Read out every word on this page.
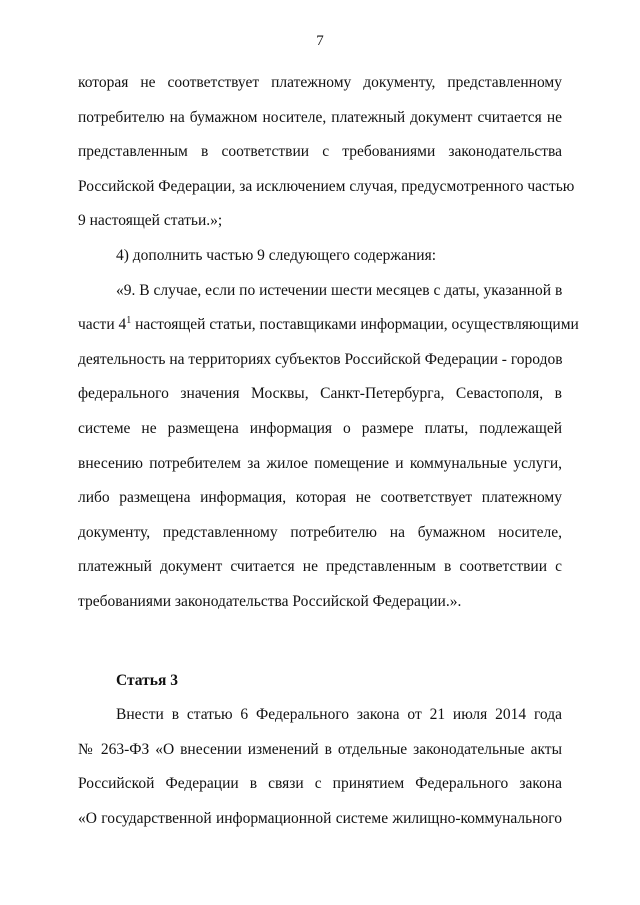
7
которая не соответствует платежному документу, представленному
потребителю на бумажном носителе, платежный документ считается не
представленным в соответствии с требованиями законодательства
Российской Федерации, за исключением случая, предусмотренного частью
9 настоящей статьи.»;
4) дополнить частью 9 следующего содержания:
«9. В случае, если по истечении шести месяцев с даты, указанной в
части $4^1$ настоящей статьи, поставщиками информации, осуществляющими
деятельность на территориях субъектов Российской Федерации - городов
федерального значения Москвы, Санкт-Петербурга, Севастополя, в
системе не размещена информация о размере платы, подлежащей
внесению потребителем за жилое помещение и коммунальные услуги,
либо размещена информация, которая не соответствует платежному
документу, представленному потребителю на бумажном носителе,
платежный документ считается не представленным в соответствии с
требованиями законодательства Российской Федерации.».
Статья 3
Внести в статью 6 Федерального закона от 21 июля 2014 года
№ 263-ФЗ «О внесении изменений в отдельные законодательные акты
Российской Федерации в связи с принятием Федерального закона
«О государственной информационной системе жилищно-коммунального
